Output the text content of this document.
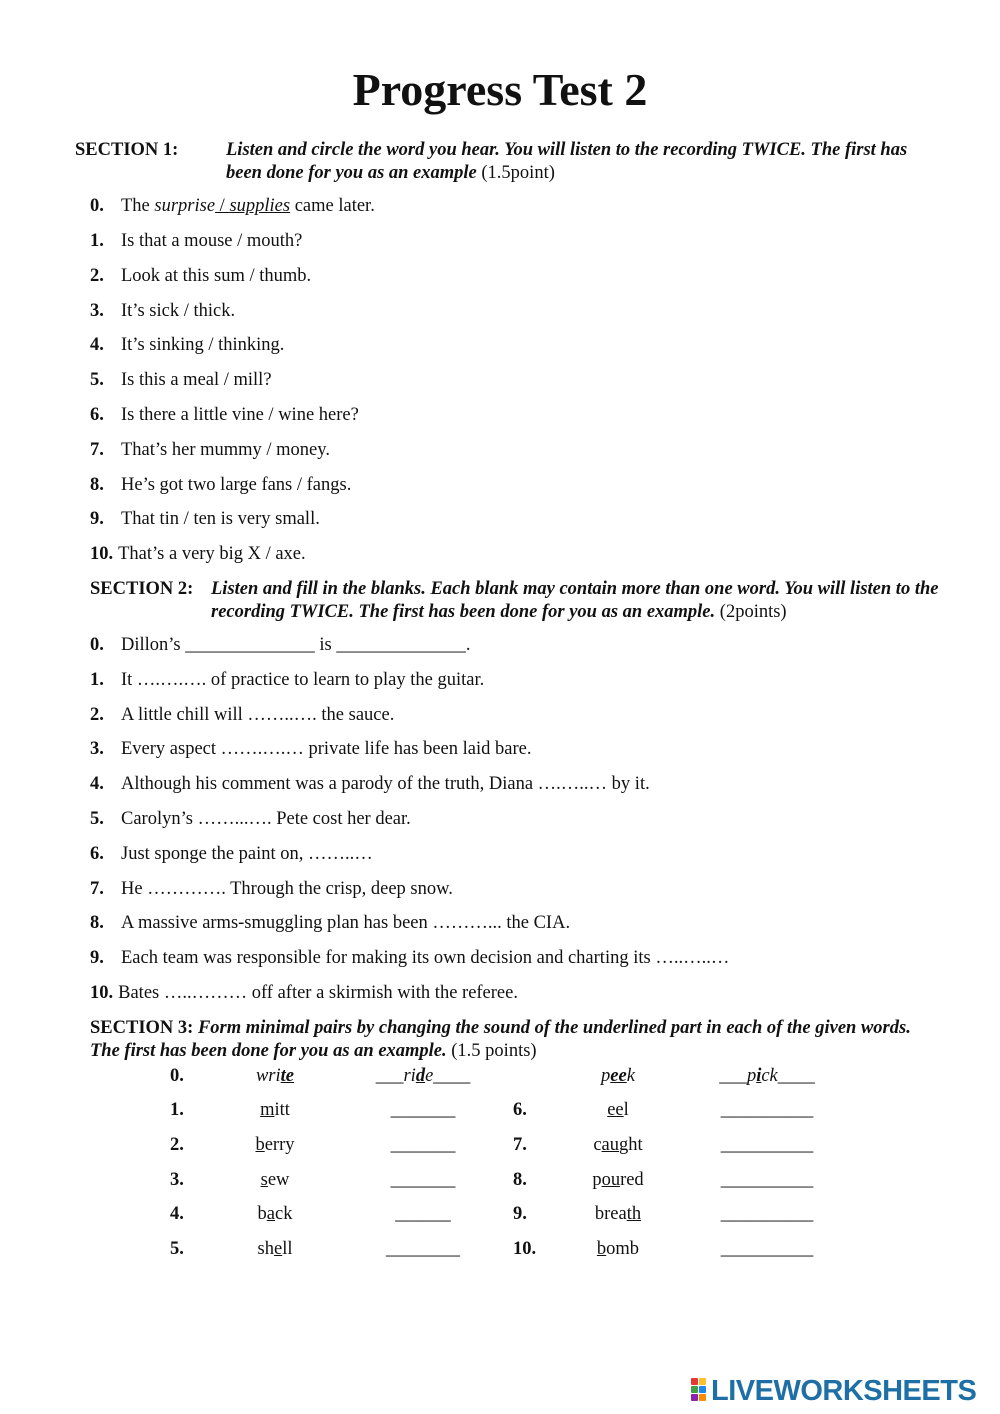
Progress Test 2
SECTION 1:	Listen and circle the word you hear. You will listen to the recording TWICE. The first has been done for you as an example (1.5point)
0. The surprise / supplies came later.
1. Is that a mouse / mouth?
2. Look at this sum / thumb.
3. It’s sick / thick.
4. It’s sinking / thinking.
5. Is this a meal / mill?
6. Is there a little vine / wine here?
7. That’s her mummy / money.
8. He’s got two large fans / fangs.
9. That tin / ten is very small.
10. That’s a very big X / axe.
SECTION 2: Listen and fill in the blanks. Each blank may contain more than one word. You will listen to the recording TWICE. The first has been done for you as an example. (2points)
0. Dillon’s ______________ is ______________.
1. It ….….…. of practice to learn to play the guitar.
2. A little chill will ……..…. the sauce.
3. Every aspect …….….… private life has been laid bare.
4. Although his comment was a parody of the truth, Diana ….…..… by it.
5. Carolyn’s ……...…. Pete cost her dear.
6. Just sponge the paint on, ……..…
7. He …………. Through the crisp, deep snow.
8. A massive arms-smuggling plan has been ………... the CIA.
9. Each team was responsible for making its own decision and charting its …..…..…
10. Bates …..……… off after a skirmish with the referee.
SECTION 3: Form minimal pairs by changing the sound of the underlined part in each of the given words. The first has been done for you as an example. (1.5 points)
0.	write	___ride____	peek	___pick____
1.	mitt	_______	6.	eel	__________
2.	berry	_______	7.	caught	__________
3.	sew	_______	8.	poured	__________
4.	back	______	9.	breath	__________
5.	shell	________	10.	bomb	__________
LIVEWORKSHEETS
